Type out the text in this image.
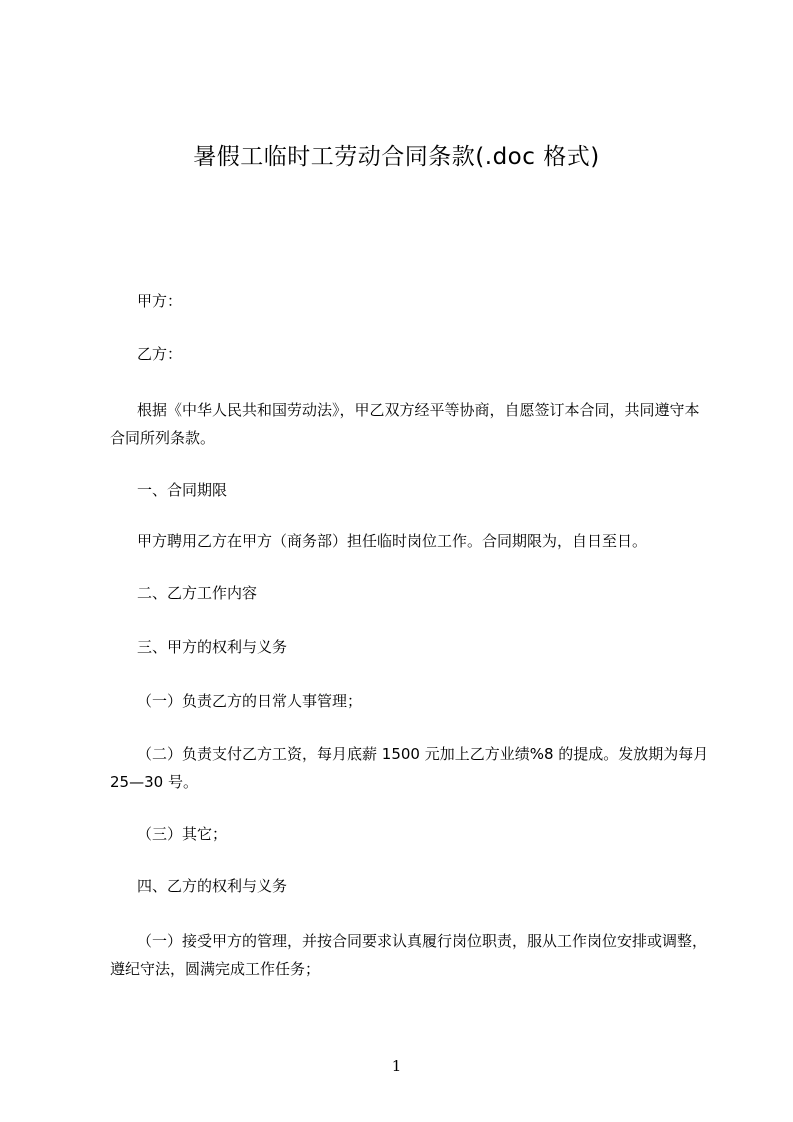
暑假工临时工劳动合同条款(.doc 格式)

甲方：

乙方：

根据《中华人民共和国劳动法》，甲乙双方经平等协商，自愿签订本合同，共同遵守本合同所列条款。

一、合同期限

甲方聘用乙方在甲方（商务部）担任临时岗位工作。合同期限为，自日至日。

二、乙方工作内容

三、甲方的权利与义务

（一）负责乙方的日常人事管理；

（二）负责支付乙方工资，每月底薪 1500 元加上乙方业绩%8 的提成。发放期为每月 25—30 号。

（三）其它；

四、乙方的权利与义务

（一）接受甲方的管理，并按合同要求认真履行岗位职责，服从工作岗位安排或调整，遵纪守法，圆满完成工作任务；

1
